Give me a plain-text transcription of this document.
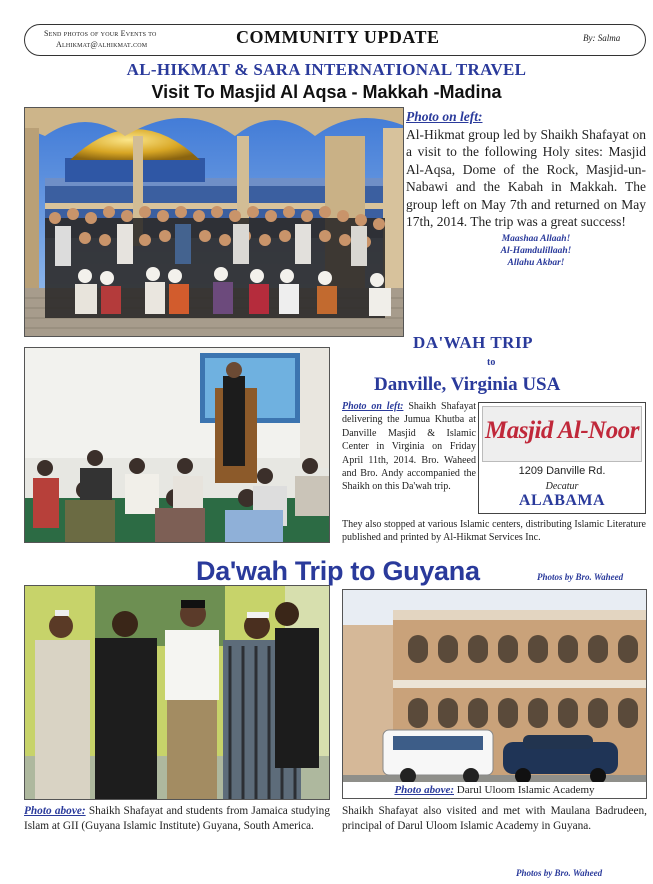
Send photos of your Events to
Alhikmat@alhikmat.com	COMMUNITY UPDATE	By: Salma
AL-HIKMAT & SARA INTERNATIONAL TRAVEL
Visit To Masjid Al Aqsa - Makkah -Madina
Photo on left:
Al-Hikmat group led by Shaikh Shafayat on a visit to the following Holy sites: Masjid Al-Aqsa, Dome of the Rock, Masjid-un-Nabawi and the Kabah in Makkah. The group left on May 7th and returned on May 17th, 2014. The trip was a great success!
Maashaa Allaah!
Al-Hamdulillaah!
Allahu Akbar!
DA'WAH TRIP
to
Danville, Virginia USA
Photo on left: Shaikh Shafayat delivering the Jumua Khutba at Danville Masjid & Islamic Center in Virginia on Friday April 11th, 2014. Bro. Waheed and Bro. Andy accompanied the Shaikh on this Da'wah trip.
Masjid Al-Noor
1209 Danville Rd.
Decatur
ALABAMA
They also stopped at various Islamic centers, distributing Islamic Literature published and printed by Al-Hikmat Services Inc.
Da'wah Trip to Guyana	Photos by Bro. Waheed
Photo above: Darul Uloom Islamic Academy
Photo above: Shaikh Shafayat and students from Jamaica studying Islam at GII (Guyana Islamic Institute) Guyana, South America.
Shaikh Shafayat also visited and met with Maulana Badrudeen, principal of Darul Uloom Islamic Academy in Guyana.
Photos by Bro. Waheed
